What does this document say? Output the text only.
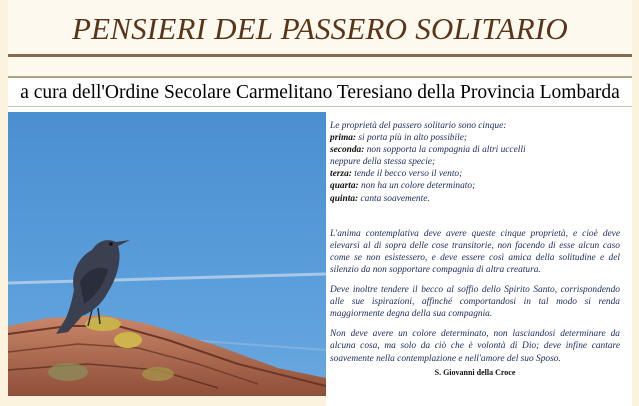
PENSIERI DEL PASSERO SOLITARIO
a cura dell'Ordine Secolare Carmelitano Teresiano della Provincia Lombarda

Le proprietà del passero solitario sono cinque:

prima: si porta più in alto possibile;

seconda: non sopporta la compagnia di altri uccelli

neppure della stessa specie;

terza: tende il becco verso il vento;

quarta: non ha un colore determinato;

quinta: canta soavemente.

L'anima contemplativa deve avere queste cinque proprietà, e cioè deve elevarsi al di sopra delle cose transitorie, non facendo di esse alcun caso come se non esistessero, e deve essere così amica della solitudine e del silenzio da non sopportare compagnia di altra creatura.

Deve inoltre tendere il becco al soffio dello Spirito Santo, corrispondendo alle sue ispirazioni, affinché comportandosi in tal modo si renda maggiormente degna della sua compagnia.

Non deve avere un colore determinato, non lasciandosi determinare da alcuna cosa, ma solo da ciò che è volontà di Dio; deve infine cantare soavemente nella contemplazione e nell'amore del suo Sposo.

S. Giovanni della Croce
